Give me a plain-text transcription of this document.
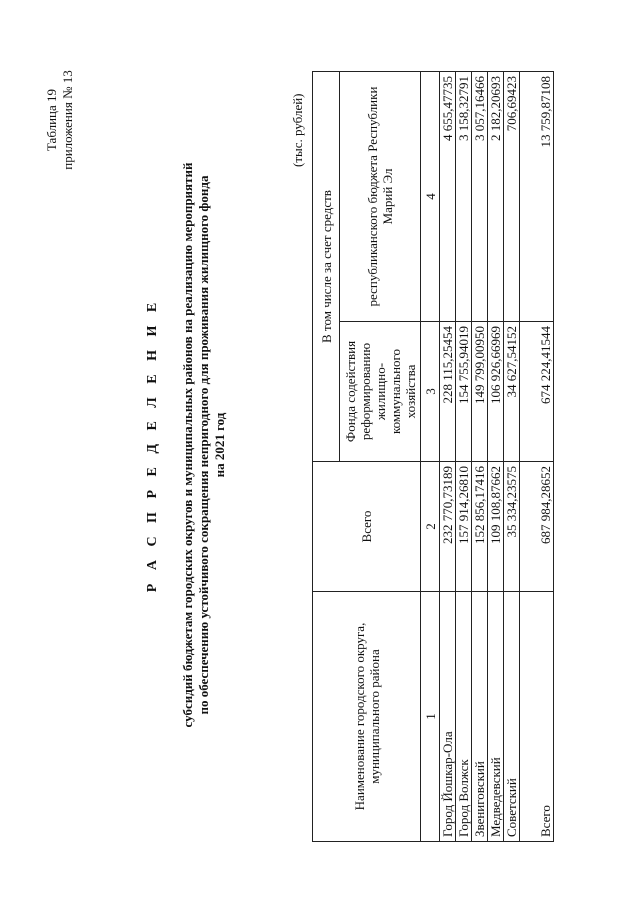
Таблица 19 приложения № 13
Р А С П Р Е Д Е Л Е Н И Е субсидий бюджетам городских округов и муниципальных районов на реализацию мероприятий по обеспечению устойчивого сокращения непригодного для проживания жилищного фонда на 2021 год
(тыс. рублей)
Наименование городского округа, муниципального района	Всего	В том числе за счет средств	
		Фонда содействия реформированию жилищно-коммунального хозяйства	республиканского бюджета Республики Марий Эл
1	2	3	4
Город Йошкар-Ола	232 770,73189	228 115,25454	4 655,47735
Город Волжск	157 914,26810	154 755,94019	3 158,32791
Звениговский	152 856,17416	149 799,00950	3 057,16466
Медведевский	109 108,87662	106 926,66969	2 182,20693
Советский	35 334,23575	34 627,54152	706,69423
Всего	687 984,28652	674 224,41544	13 759,87108
